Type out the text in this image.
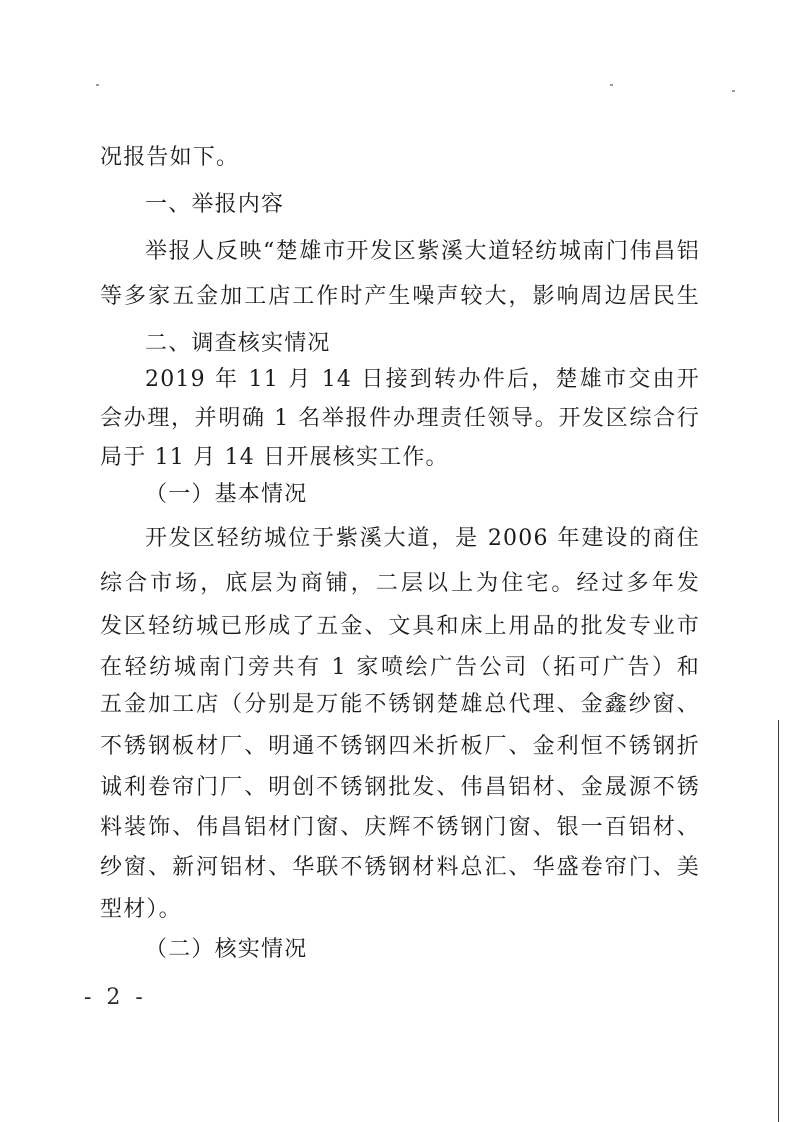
况报告如下。
一、举报内容
举报人反映“楚雄市开发区紫溪大道轻纺城南门伟昌铝
等多家五金加工店工作时产生噪声较大，影响周边居民生
二、调查核实情况
2019 年 11 月 14 日接到转办件后，楚雄市交由开
会办理，并明确 1 名举报件办理责任领导。开发区综合行
局于 11 月 14 日开展核实工作。
（一）基本情况
开发区轻纺城位于紫溪大道，是 2006 年建设的商住
综合市场，底层为商铺，二层以上为住宅。经过多年发
发区轻纺城已形成了五金、文具和床上用品的批发专业市
在轻纺城南门旁共有 1 家喷绘广告公司（拓可广告）和
五金加工店（分别是万能不锈钢楚雄总代理、金鑫纱窗、
不锈钢板材厂、明通不锈钢四米折板厂、金利恒不锈钢折
诚利卷帘门厂、明创不锈钢批发、伟昌铝材、金晟源不锈
料装饰、伟昌铝材门窗、庆辉不锈钢门窗、银一百铝材、
纱窗、新河铝材、华联不锈钢材料总汇、华盛卷帘门、美
型材）。
（二）核实情况
- 2 -
